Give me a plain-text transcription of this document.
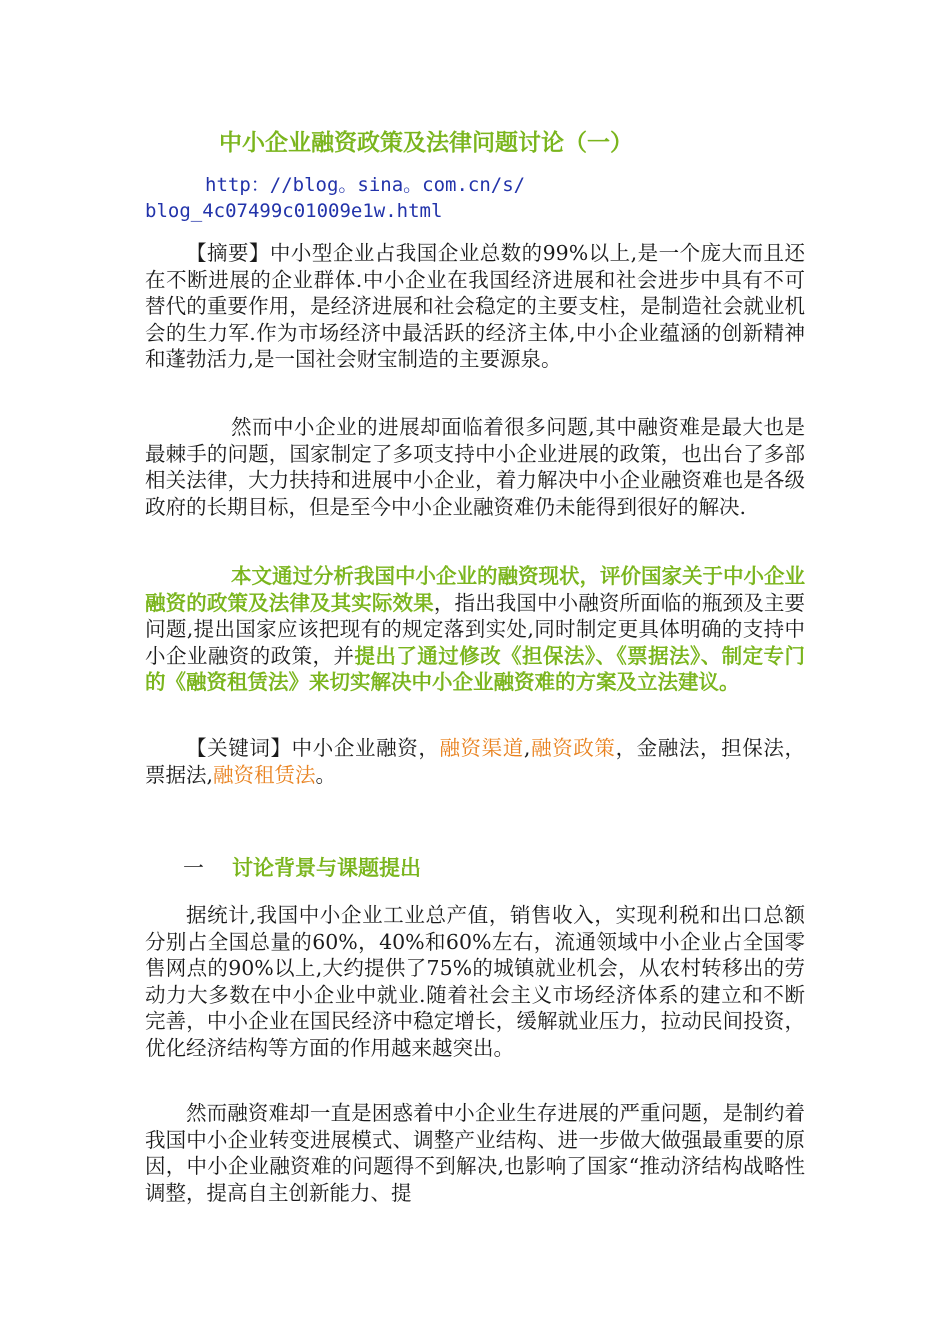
中小企业融资政策及法律问题讨论（一）
http：//blog。sina。com.cn/s/
blog_4c07499c01009e1w.html

【摘要】中小型企业占我国企业总数的99%以上,是一个庞大而且还在不断进展的企业群体.中小企业在我国经济进展和社会进步中具有不可替代的重要作用，是经济进展和社会稳定的主要支柱，是制造社会就业机会的生力军.作为市场经济中最活跃的经济主体,中小企业蕴涵的创新精神和蓬勃活力,是一国社会财宝制造的主要源泉。

然而中小企业的进展却面临着很多问题,其中融资难是最大也是最棘手的问题，国家制定了多项支持中小企业进展的政策，也出台了多部相关法律，大力扶持和进展中小企业，着力解决中小企业融资难也是各级政府的长期目标，但是至今中小企业融资难仍未能得到很好的解决.

本文通过分析我国中小企业的融资现状，评价国家关于中小企业融资的政策及法律及其实际效果，指出我国中小融资所面临的瓶颈及主要问题,提出国家应该把现有的规定落到实处,同时制定更具体明确的支持中小企业融资的政策，并提出了通过修改《担保法》、《票据法》、制定专门的《融资租赁法》来切实解决中小企业融资难的方案及立法建议。

【关键词】中小企业融资，融资渠道,融资政策，金融法，担保法，票据法,融资租赁法。

一 讨论背景与课题提出

据统计,我国中小企业工业总产值，销售收入，实现利税和出口总额分别占全国总量的60%，40%和60%左右，流通领域中小企业占全国零售网点的90%以上,大约提供了75%的城镇就业机会，从农村转移出的劳动力大多数在中小企业中就业.随着社会主义市场经济体系的建立和不断完善，中小企业在国民经济中稳定增长，缓解就业压力，拉动民间投资，优化经济结构等方面的作用越来越突出。

然而融资难却一直是困惑着中小企业生存进展的严重问题，是制约着我国中小企业转变进展模式、调整产业结构、进一步做大做强最重要的原因，中小企业融资难的问题得不到解决,也影响了国家“推动济结构战略性调整，提高自主创新能力、提
